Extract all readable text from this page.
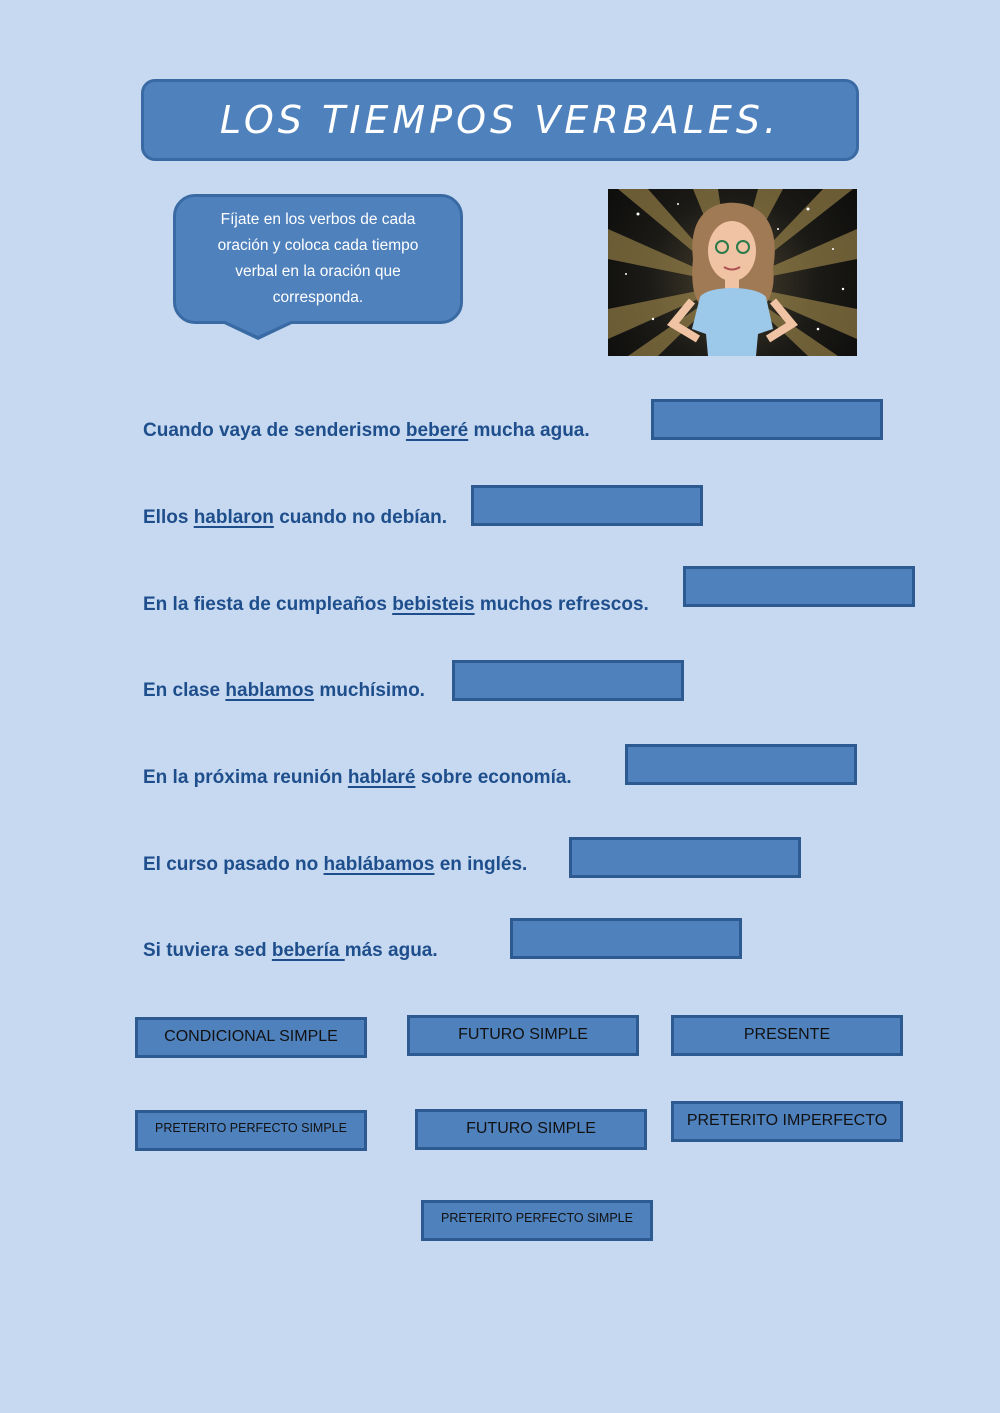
LOS TIEMPOS VERBALES.
Fíjate en los verbos de cada oración y coloca cada tiempo verbal en la oración que corresponda.
Cuando vaya de senderismo beberé mucha agua.
Ellos hablaron cuando no debían.
En la fiesta de cumpleaños bebisteis muchos refrescos.
En clase hablamos muchísimo.
En la próxima reunión hablaré sobre economía.
El curso pasado no hablábamos en inglés.
Si tuviera sed bebería más agua.
CONDICIONAL SIMPLE	FUTURO SIMPLE	PRESENTE
PRETERITO PERFECTO SIMPLE	FUTURO SIMPLE	PRETERITO IMPERFECTO
PRETERITO PERFECTO SIMPLE
